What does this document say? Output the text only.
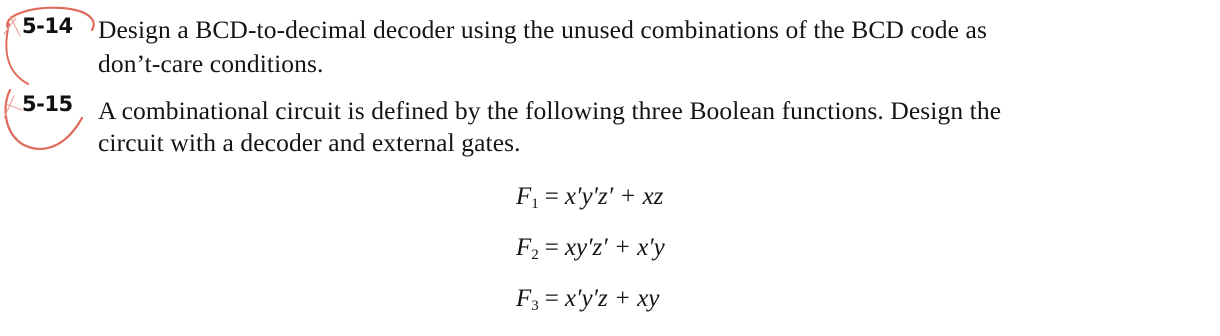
5-14 Design a BCD-to-decimal decoder using the unused combinations of the BCD code as
don’t-care conditions.
5-15 A combinational circuit is defined by the following three Boolean functions. Design the
circuit with a decoder and external gates.
$F_1 = x'y'z'$ + xz
$F_2 = xy'z' + x'y$
$F_3 = x'y'z$ + xy
